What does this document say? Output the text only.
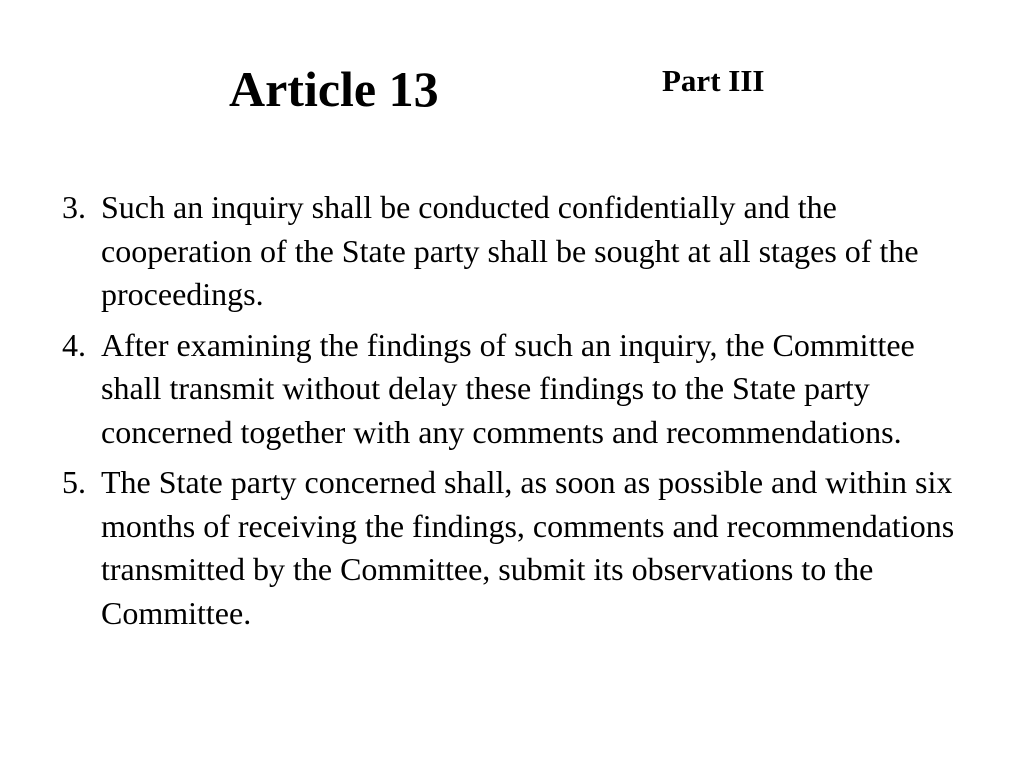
Article 13	Part III
3. Such an inquiry shall be conducted confidentially and the cooperation of the State party shall be sought at all stages of the proceedings.
4. After examining the findings of such an inquiry, the Committee shall transmit without delay these findings to the State party concerned together with any comments and recommendations.
5. The State party concerned shall, as soon as possible and within six months of receiving the findings, comments and recommendations transmitted by the Committee, submit its observations to the Committee.
